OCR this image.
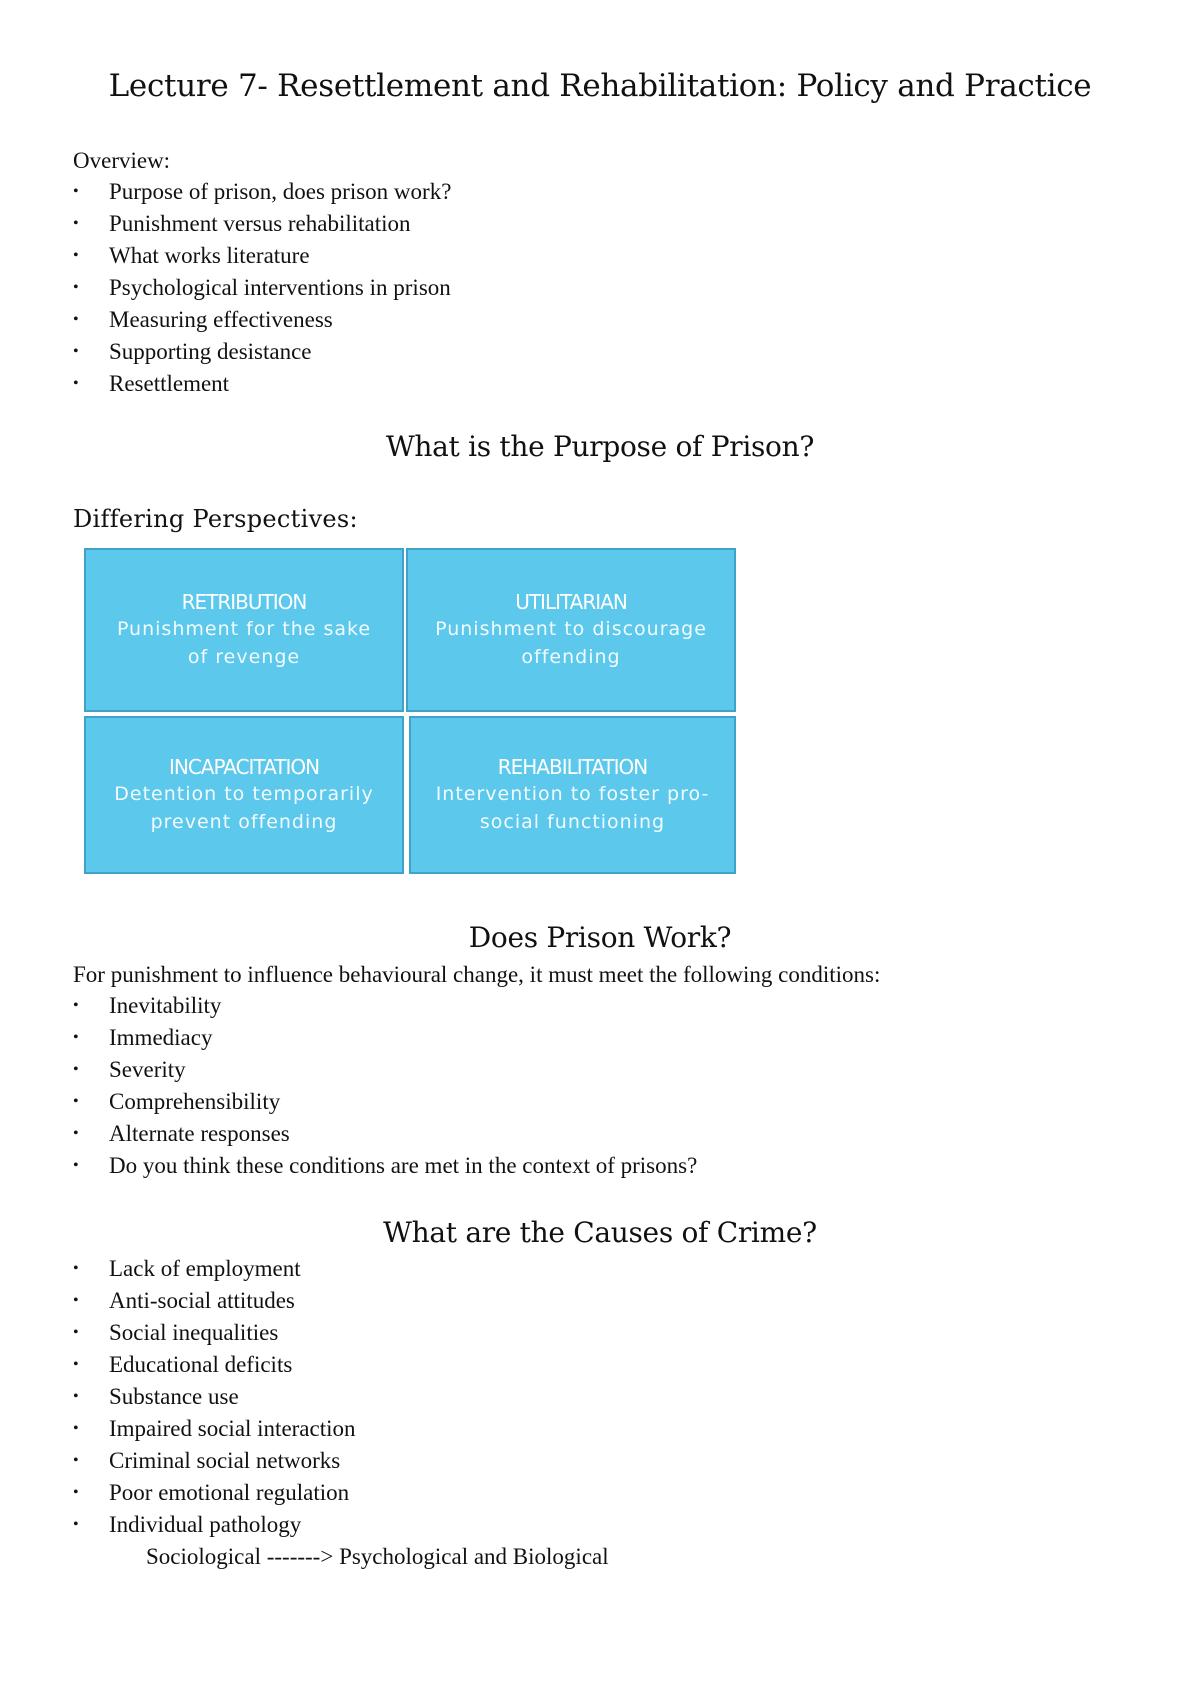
Lecture 7- Resettlement and Rehabilitation: Policy and Practice

Overview:

• Purpose of prison, does prison work?
• Punishment versus rehabilitation
• What works literature
• Psychological interventions in prison
• Measuring effectiveness
• Supporting desistance
• Resettlement
What is the Purpose of Prison?

Differing Perspectives:

RETRIBUTION
Punishment for the sake of revenge
UTILITARIAN
Punishment to discourage offending
INCAPACITATION
Detention to temporarily prevent offending
REHABILITATION
Intervention to foster pro-social functioning
Does Prison Work?

For punishment to influence behavioural change, it must meet the following conditions:

• Inevitability
• Immediacy
• Severity
• Comprehensibility
• Alternate responses
• Do you think these conditions are met in the context of prisons?
What are the Causes of Crime?
• Lack of employment
• Anti-social attitudes
• Social inequalities
• Educational deficits
• Substance use
• Impaired social interaction
• Criminal social networks
• Poor emotional regulation
• Individual pathology
Sociological -------> Psychological and Biological
